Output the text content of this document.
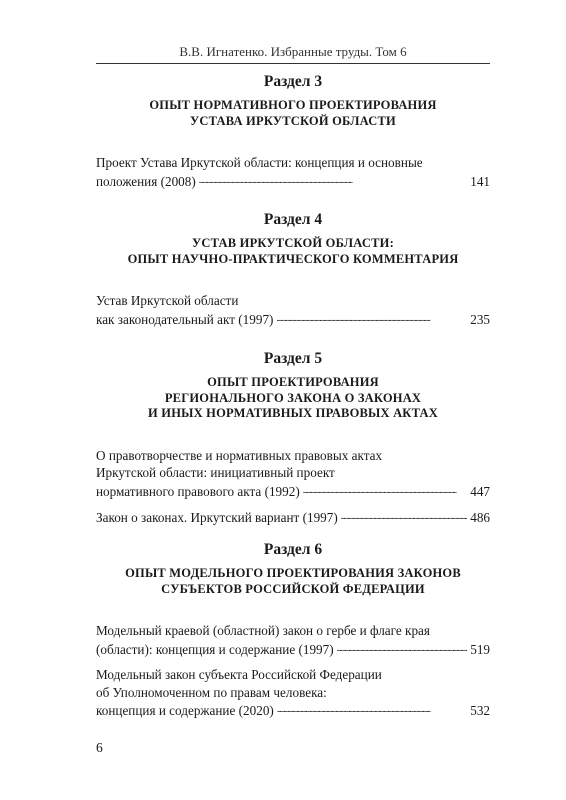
В.В. Игнатенко. Избранные труды. Том 6
Раздел 3
ОПЫТ НОРМАТИВНОГО ПРОЕКТИРОВАНИЯ
УСТАВА ИРКУТСКОЙ ОБЛАСТИ
Проект Устава Иркутской области: концепция и основные
положения (2008) . . .	141
Раздел 4
УСТАВ ИРКУТСКОЙ ОБЛАСТИ:
ОПЫТ НАУЧНО-ПРАКТИЧЕСКОГО КОММЕНТАРИЯ
Устав Иркутской области
как законодательный акт (1997) . . .	235
Раздел 5
ОПЫТ ПРОЕКТИРОВАНИЯ
РЕГИОНАЛЬНОГО ЗАКОНА О ЗАКОНАХ
И ИНЫХ НОРМАТИВНЫХ ПРАВОВЫХ АКТАХ
О правотворчестве и нормативных правовых актах
Иркутской области: инициативный проект
нормативного правового акта (1992) . . .	447
Закон о законах. Иркутский вариант (1997) . . .	486
Раздел 6
ОПЫТ МОДЕЛЬНОГО ПРОЕКТИРОВАНИЯ ЗАКОНОВ
СУБЪЕКТОВ РОССИЙСКОЙ ФЕДЕРАЦИИ
Модельный краевой (областной) закон о гербе и флаге края
(области): концепция и содержание (1997) . . .	519
Модельный закон субъекта Российской Федерации
об Уполномоченном по правам человека:
концепция и содержание (2020) . . .	532
6
